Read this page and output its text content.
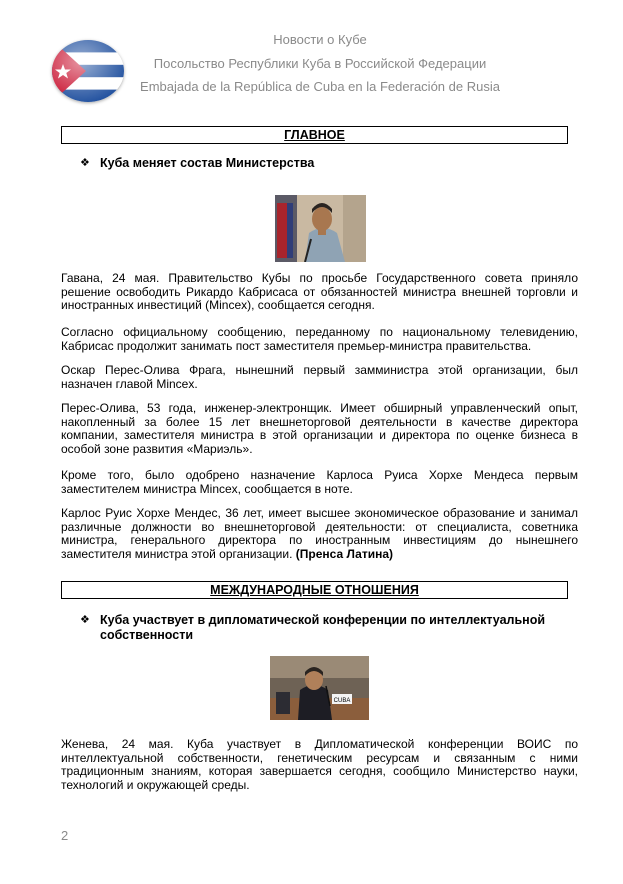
Новости о Кубе
Посольство Республики Куба в Российской Федерации
Embajada de la República de Cuba en la Federación de Rusia
ГЛАВНОЕ
❖ Куба меняет состав Министерства

Гавана, 24 мая. Правительство Кубы по просьбе Государственного совета приняло решение освободить Рикардо Кабрисаса от обязанностей министра внешней торговли и иностранных инвестиций (Mincex), сообщается сегодня.

Согласно официальному сообщению, переданному по национальному телевидению, Кабрисас продолжит занимать пост заместителя премьер-министра правительства.

Оскар Перес-Олива Фрага, нынешний первый замминистра этой организации, был назначен главой Mincex.

Перес-Олива, 53 года, инженер-электронщик. Имеет обширный управленческий опыт, накопленный за более 15 лет внешнеторговой деятельности в качестве директора компании, заместителя министра в этой организации и директора по оценке бизнеса в особой зоне развития «Мариэль».

Кроме того, было одобрено назначение Карлоса Руиса Хорхе Мендеса первым заместителем министра Mincex, сообщается в ноте.

Карлос Руис Хорхе Мендес, 36 лет, имеет высшее экономическое образование и занимал различные должности во внешнеторговой деятельности: от специалиста, советника министра, генерального директора по иностранным инвестициям до нынешнего заместителя министра этой организации. (Пренса Латина)

МЕЖДУНАРОДНЫЕ ОТНОШЕНИЯ
❖ Куба участвует в дипломатической конференции по интеллектуальной собственности
CUBA

Женева, 24 мая. Куба участвует в Дипломатической конференции ВОИС по интеллектуальной собственности, генетическим ресурсам и связанным с ними традиционным знаниям, которая завершается сегодня, сообщило Министерство науки, технологий и окружающей среды.

2
